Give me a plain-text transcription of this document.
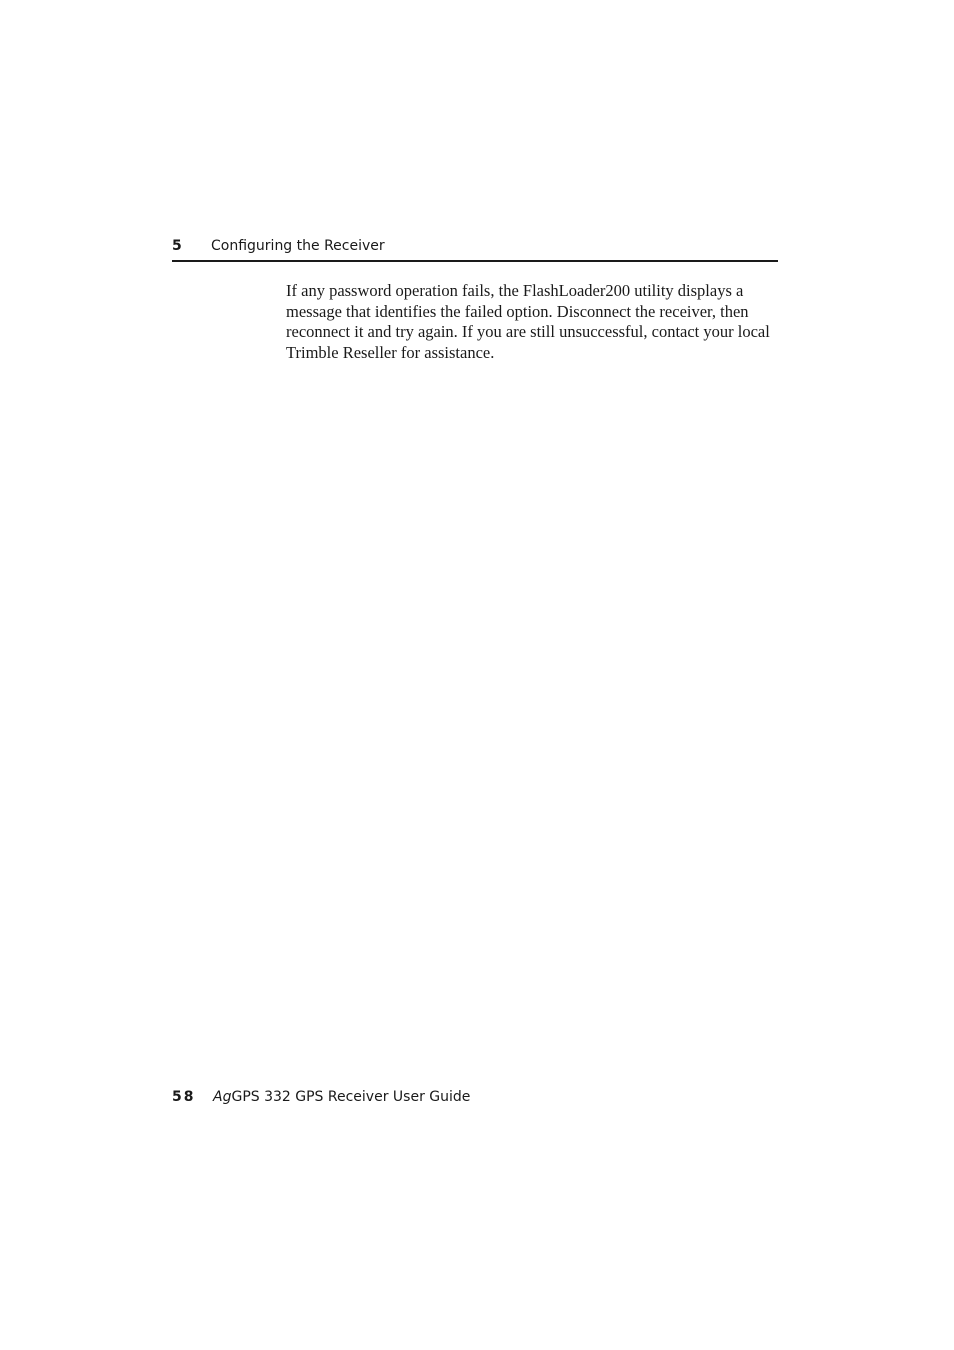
5 Configuring the Receiver

If any password operation fails, the FlashLoader200 utility displays a message that identifies the failed option. Disconnect the receiver, then reconnect it and try again. If you are still unsuccessful, contact your local Trimble Reseller for assistance.

58 AgGPS 332 GPS Receiver User Guide
